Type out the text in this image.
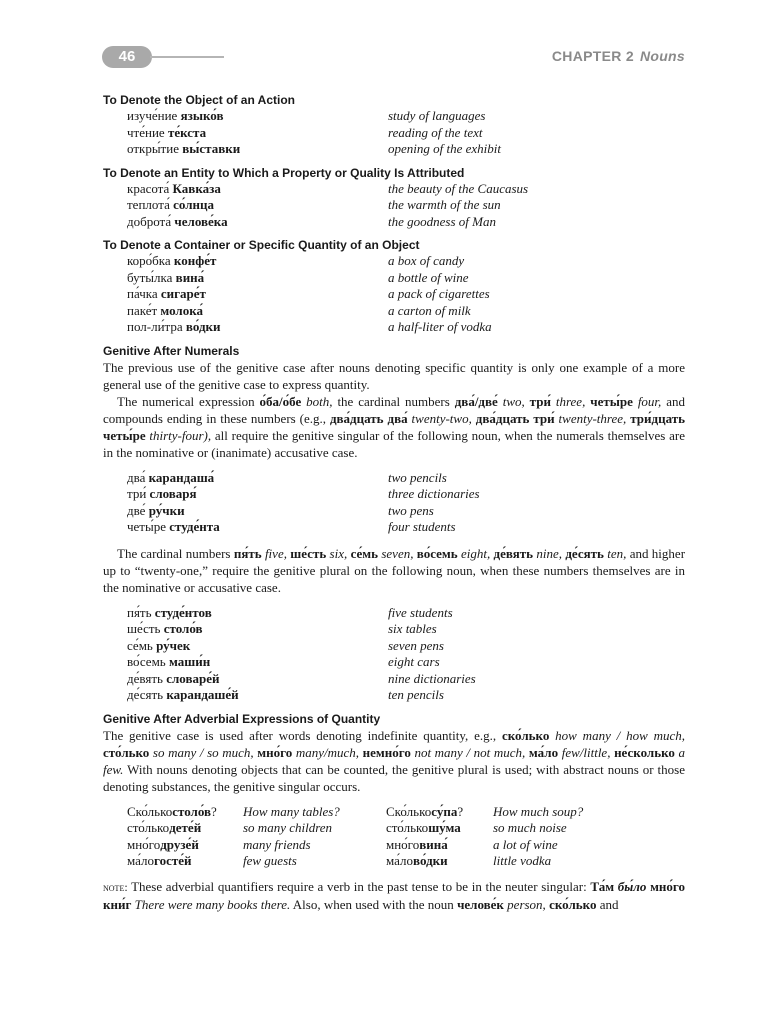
46	CHAPTER 2 Nouns
To Denote the Object of an Action
изуче́ние языко́в	study of languages
чте́ние те́кста	reading of the text
откры́тие вы́ставки	opening of the exhibit
To Denote an Entity to Which a Property or Quality Is Attributed
красота́ Кавка́за	the beauty of the Caucasus
теплота́ со́лнца	the warmth of the sun
доброта́ челове́ка	the goodness of Man
To Denote a Container or Specific Quantity of an Object
коро́бка конфе́т	a box of candy
буты́лка вина́	a bottle of wine
па́чка сигаре́т	a pack of cigarettes
паке́т молока́	a carton of milk
пол-ли́тра во́дки	a half-liter of vodka
Genitive After Numerals

The previous use of the genitive case after nouns denoting specific quantity is only one example of a more general use of the genitive case to express quantity.

The numerical expression о́ба/о́бе both, the cardinal numbers два́/две́ two, три́ three, четы́ре four, and compounds ending in these numbers (e.g., два́дцать два́ twenty-two, два́дцать три́ twenty-three, три́дцать четы́ре thirty-four), all require the genitive singular of the following noun, when the numerals themselves are in the nominative or (inanimate) accusative case.

два́ карандаша́	two pencils
три́ словаря́	three dictionaries
две́ ру́чки	two pens
четы́ре студе́нта	four students

The cardinal numbers пя́ть five, ше́сть six, се́мь seven, во́семь eight, де́вять nine, де́сять ten, and higher up to “twenty-one,” require the genitive plural on the following noun, when these numbers themselves are in the nominative or accusative case.

пя́ть студе́нтов	five students
ше́сть столо́в	six tables
се́мь ру́чек	seven pens
во́семь маши́н	eight cars
де́вять словаре́й	nine dictionaries
де́сять карандаше́й	ten pencils
Genitive After Adverbial Expressions of Quantity

The genitive case is used after words denoting indefinite quantity, e.g., ско́лько how many / how much, сто́лько so many / so much, мно́го many/much, немно́го not many / not much, ма́ло few/little, не́сколько a few. With nouns denoting objects that can be counted, the genitive plural is used; with abstract nouns or those denoting substances, the genitive singular occurs.

Ско́лькостоло́в?	How many tables?	Ско́лькосу́па?	How much soup?
сто́лькодете́й	so many children	сто́лькошу́ма	so much noise
мно́годрузе́й	many friends	мно́говина́	a lot of wine
ма́логосте́й	few guests	ма́лово́дки	little vodka

note: These adverbial quantifiers require a verb in the past tense to be in the neuter singular: Та́м бы́ло мно́го кни́г There were many books there. Also, when used with the noun челове́к person, ско́лько and
